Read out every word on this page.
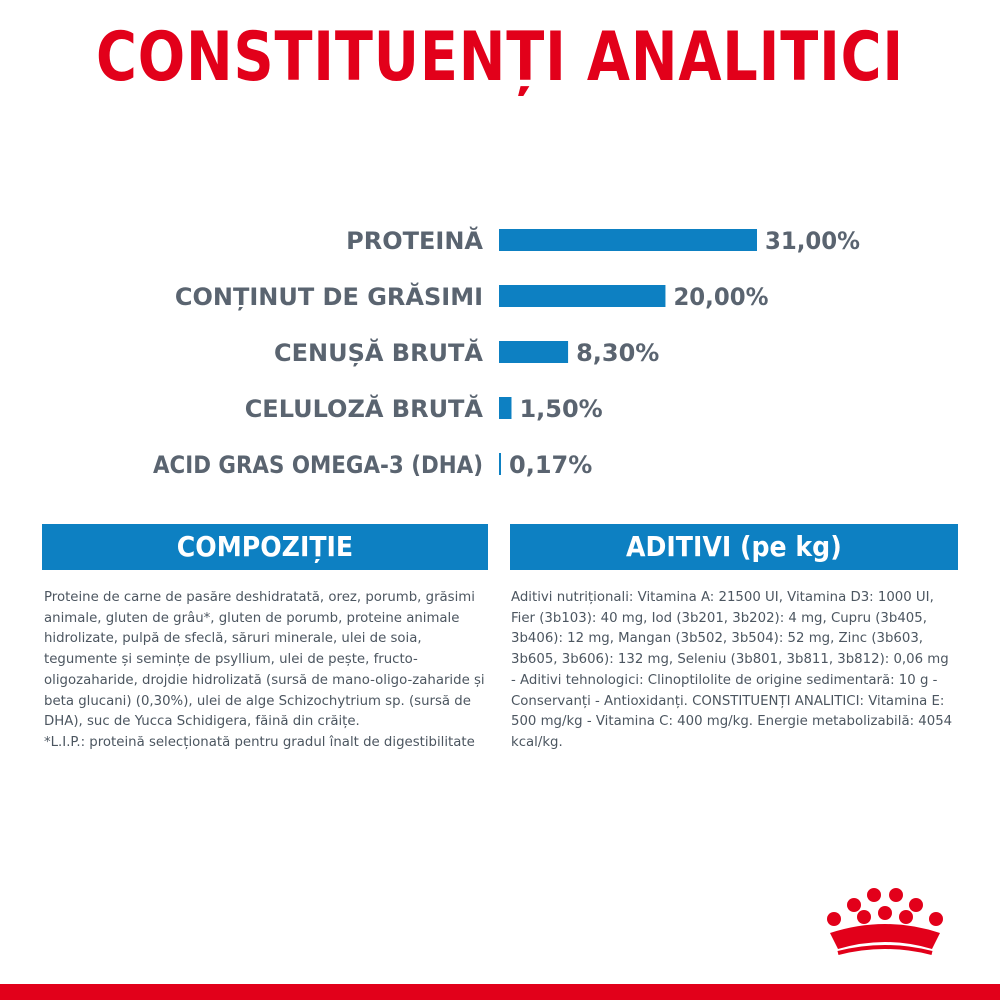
CONSTITUENȚI ANALITICI
PROTEINĂ	31,00%
CONȚINUT DE GRĂSIMI	20,00%
CENUȘĂ BRUTĂ	8,30%
CELULOZĂ BRUTĂ 1,50%
ACID GRAS OMEGA-3 (DHA) 0,17%
COMPOZIȚIE	ADITIVI (pe kg)

Proteine de carne de pasăre deshidratată, orez, porumb, grăsimi animale, gluten de grâu*, gluten de porumb, proteine animale hidrolizate, pulpă de sfeclă, săruri minerale, ulei de soia, tegumente și semințe de psyllium, ulei de pește, fructo-oligozaharide, drojdie hidrolizată (sursă de mano-oligo-zaharide și beta glucani) (0,30%), ulei de alge Schizochytrium sp. (sursă de DHA), suc de Yucca Schidigera, făină din crăițe.

*L.I.P.: proteină selecționată pentru gradul înalt de digestibilitate

Aditivi nutriționali: Vitamina A: 21500 UI, Vitamina D3: 1000 UI, Fier (3b103): 40 mg, Iod (3b201, 3b202): 4 mg, Cupru (3b405, 3b406): 12 mg, Mangan (3b502, 3b504): 52 mg, Zinc (3b603, 3b605, 3b606): 132 mg, Seleniu (3b801, 3b811, 3b812): 0,06 mg - Aditivi tehnologici: Clinoptilolite de origine sedimentară: 10 g - Conservanți - Antioxidanți. CONSTITUENȚI ANALITICI: Vitamina E: 500 mg/kg - Vitamina C: 400 mg/kg. Energie metabolizabilă: 4054 kcal/kg.
